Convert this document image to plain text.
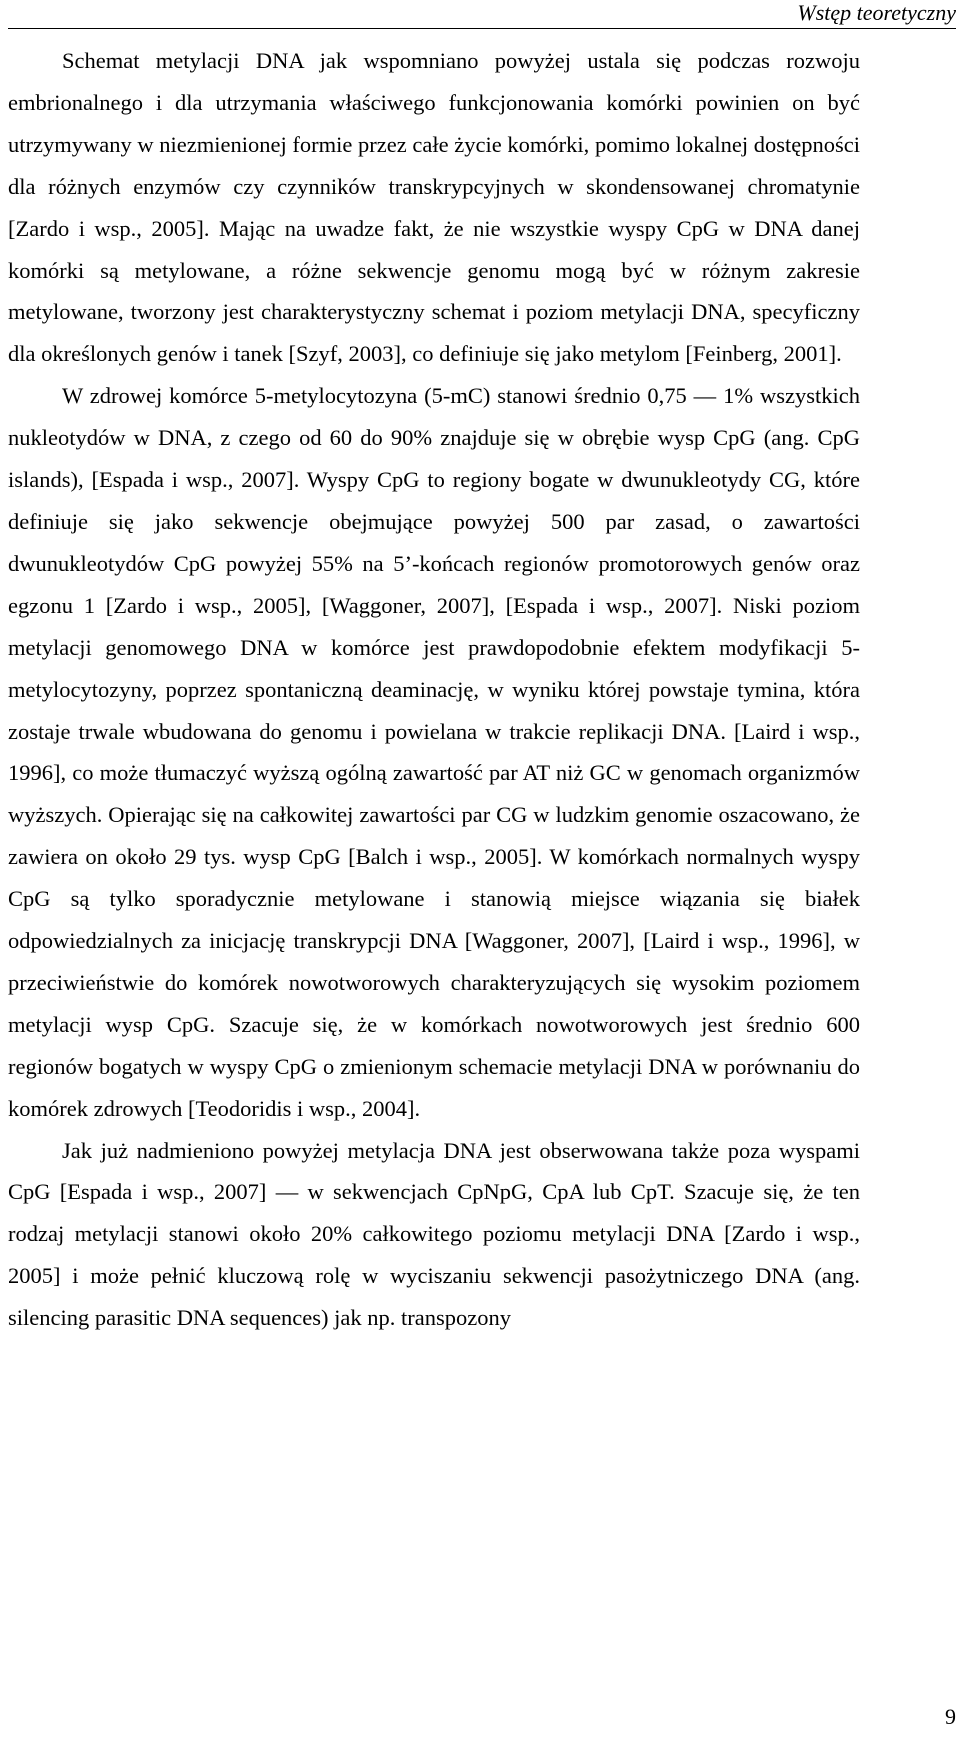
Wstęp teoretyczny

Schemat metylacji DNA jak wspomniano powyżej ustala się podczas rozwoju embrionalnego i dla utrzymania właściwego funkcjonowania komórki powinien on być utrzymywany w niezmienionej formie przez całe życie komórki, pomimo lokalnej dostępności dla różnych enzymów czy czynników transkrypcyjnych w skondensowanej chromatynie [Zardo i wsp., 2005]. Mając na uwadze fakt, że nie wszystkie wyspy CpG w DNA danej komórki są metylowane, a różne sekwencje genomu mogą być w różnym zakresie metylowane, tworzony jest charakterystyczny schemat i poziom metylacji DNA, specyficzny dla określonych genów i tanek [Szyf, 2003], co definiuje się jako metylom [Feinberg, 2001].

W zdrowej komórce 5-metylocytozyna (5-mC) stanowi średnio 0,75 — 1% wszystkich nukleotydów w DNA, z czego od 60 do 90% znajduje się w obrębie wysp CpG (ang. CpG islands), [Espada i wsp., 2007]. Wyspy CpG to regiony bogate w dwunukleotydy CG, które definiuje się jako sekwencje obejmujące powyżej 500 par zasad, o zawartości dwunukleotydów CpG powyżej 55% na 5’-końcach regionów promotorowych genów oraz egzonu 1 [Zardo i wsp., 2005], [Waggoner, 2007], [Espada i wsp., 2007]. Niski poziom metylacji genomowego DNA w komórce jest prawdopodobnie efektem modyfikacji 5-metylocytozyny, poprzez spontaniczną deaminację, w wyniku której powstaje tymina, która zostaje trwale wbudowana do genomu i powielana w trakcie replikacji DNA. [Laird i wsp., 1996], co może tłumaczyć wyższą ogólną zawartość par AT niż GC w genomach organizmów wyższych. Opierając się na całkowitej zawartości par CG w ludzkim genomie oszacowano, że zawiera on około 29 tys. wysp CpG [Balch i wsp., 2005]. W komórkach normalnych wyspy CpG są tylko sporadycznie metylowane i stanowią miejsce wiązania się białek odpowiedzialnych za inicjację transkrypcji DNA [Waggoner, 2007], [Laird i wsp., 1996], w przeciwieństwie do komórek nowotworowych charakteryzujących się wysokim poziomem metylacji wysp CpG. Szacuje się, że w komórkach nowotworowych jest średnio 600 regionów bogatych w wyspy CpG o zmienionym schemacie metylacji DNA w porównaniu do komórek zdrowych [Teodoridis i wsp., 2004].

Jak już nadmieniono powyżej metylacja DNA jest obserwowana także poza wyspami CpG [Espada i wsp., 2007] — w sekwencjach CpNpG, CpA lub CpT. Szacuje się, że ten rodzaj metylacji stanowi około 20% całkowitego poziomu metylacji DNA [Zardo i wsp., 2005] i może pełnić kluczową rolę w wyciszaniu sekwencji pasożytniczego DNA (ang. silencing parasitic DNA sequences) jak np. transpozony

9
